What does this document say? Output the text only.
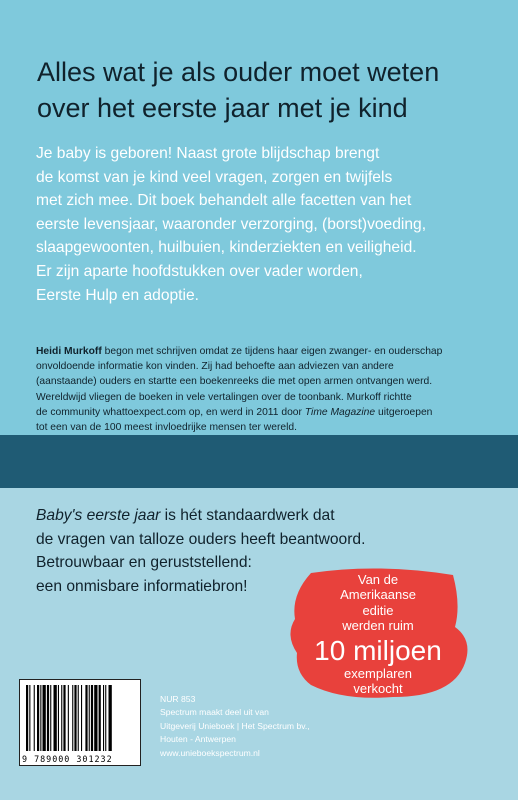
Alles wat je als ouder moet weten
over het eerste jaar met je kind
Je baby is geboren! Naast grote blijdschap brengt
de komst van je kind veel vragen, zorgen en twijfels
met zich mee. Dit boek behandelt alle facetten van het
eerste levensjaar, waaronder verzorging, (borst)voeding,
slaapgewoonten, huilbuien, kinderziekten en veiligheid.
Er zijn aparte hoofdstukken over vader worden,
Eerste Hulp en adoptie.
Heidi Murkoff begon met schrijven omdat ze tijdens haar eigen zwanger- en ouderschap
onvoldoende informatie kon vinden. Zij had behoefte aan adviezen van andere
(aanstaande) ouders en startte een boekenreeks die met open armen ontvangen werd.
Wereldwijd vliegen de boeken in vele vertalingen over de toonbank. Murkoff richtte
de community whattoexpect.com op, en werd in 2011 door Time Magazine uitgeroepen
tot een van de 100 meest invloedrijke mensen ter wereld.
Baby's eerste jaar is hét standaardwerk dat
de vragen van talloze ouders heeft beantwoord.
Betrouwbaar en geruststellend:
een onmisbare informatiebron!	Van de
Amerikaanse
editie
werden ruim
10 miljoen
exemplaren
verkocht
9 789000 301232
NUR 853
Spectrum maakt deel uit van
Uitgeverij Unieboek | Het Spectrum bv.,
Houten - Antwerpen
www.unieboekspectrum.nl
